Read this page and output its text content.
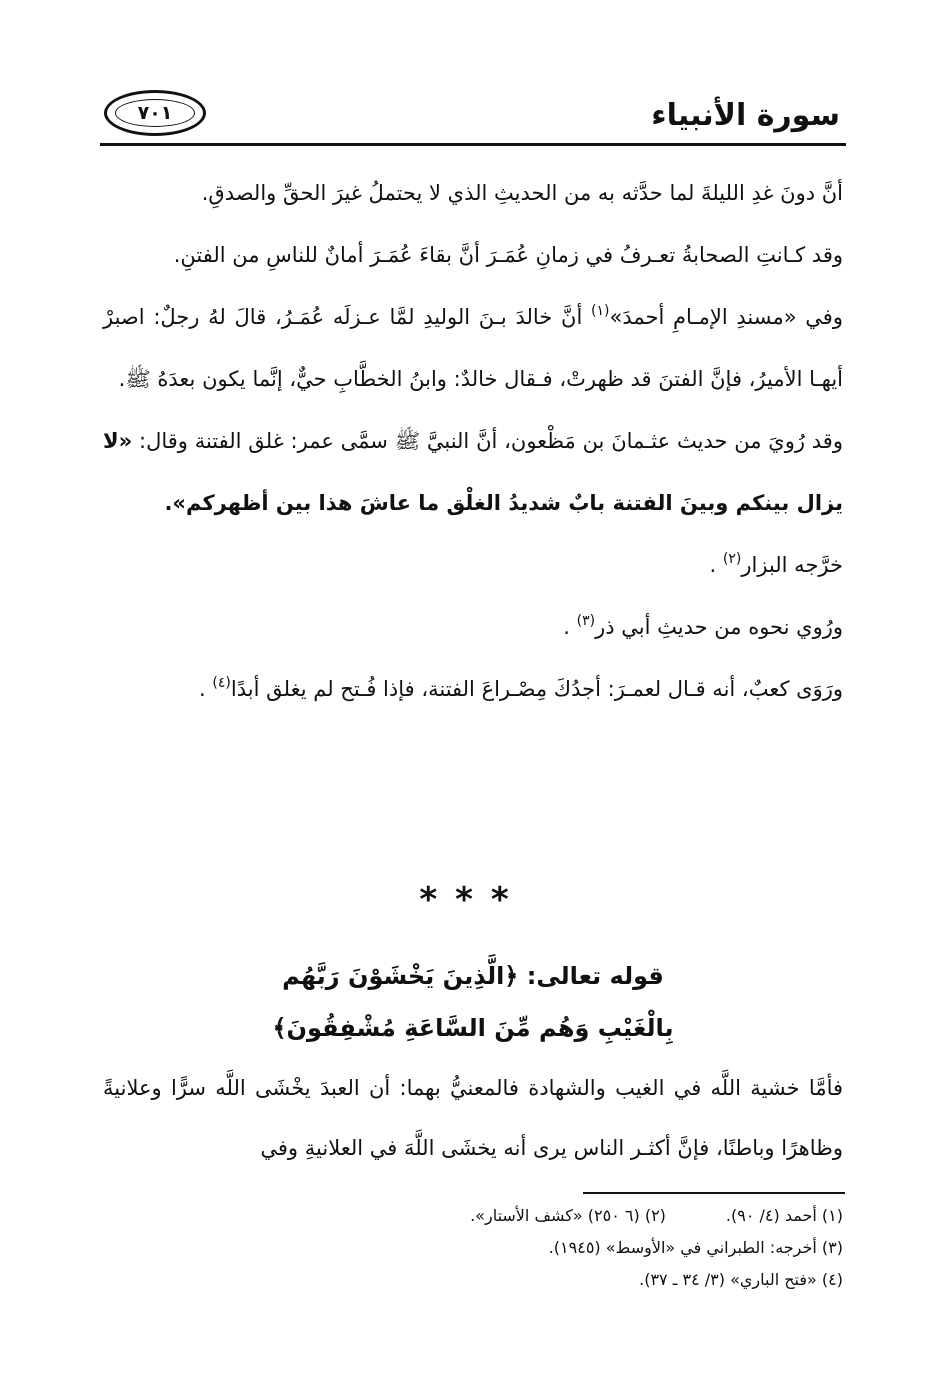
سورة الأنبياء
٧٠١

أنَّ دونَ غدِ الليلةَ لما حدَّثه به من الحديثِ الذي لا يحتملُ غيرَ الحقِّ والصدقِ.

وقد كـانتِ الصحابةُ تعـرفُ في زمانِ عُمَـرَ أنَّ بقاءَ عُمَـرَ أمانٌ للناسِ من الفتنِ.

وفي «مسندِ الإمـامِ أحمدَ»$^{(١)}$ أنَّ خالدَ بـنَ الوليدِ لمَّا عـزلَه عُمَـرُ، قالَ لهُ رجلٌ: اصبرْ أيهـا الأميرُ، فإنَّ الفتنَ قد ظهرتْ، فـقال خالدٌ: وابنُ الخطَّابِ حيٌّ، إنَّما يكون بعدَهُ ﷺ.

وقد رُويَ من حديث عثـمانَ بن مَظْعون، أنَّ النبيَّ ﷺ سمَّى عمر: غلق الفتنة وقال: «لا يزال بينكم وبينَ الفتنة بابٌ شديدُ الغلْق ما عاشَ هذا بين أظهركم».

خرَّجه البزار$^{(٢)}$ .

ورُوي نحوه من حديثِ أبي ذر$^{(٣)}$ .

ورَوَى كعبٌ، أنه قـال لعمـرَ: أجدُكَ مِصْـراعَ الفتنة، فإذا فُـتح لم يغلق أبدًا$^{(٤)}$ .

***
قوله تعالى: ﴿الَّذِينَ يَخْشَوْنَ رَبَّهُم
بِالْغَيْبِ وَهُم مِّنَ السَّاعَةِ مُشْفِقُونَ﴾
فأمَّا خشية اللَّه في الغيب والشهادة فالمعنيُّ بهما: أن العبدَ يخْشَى اللَّه سرًّا وعلانيةً وظاهرًا وباطنًا، فإنَّ أكثـر الناس يرى أنه يخشَى اللَّهَ في العلانيةِ وفي
(١) أحمد (٤/ ٩٠).
(٢) (٦ ٢٥٠) «كشف الأستار».
(٣) أخرجه: الطبراني في «الأوسط» (١٩٤٥).
(٤) «فتح الباري» (٣/ ٣٤ ـ ٣٧).
